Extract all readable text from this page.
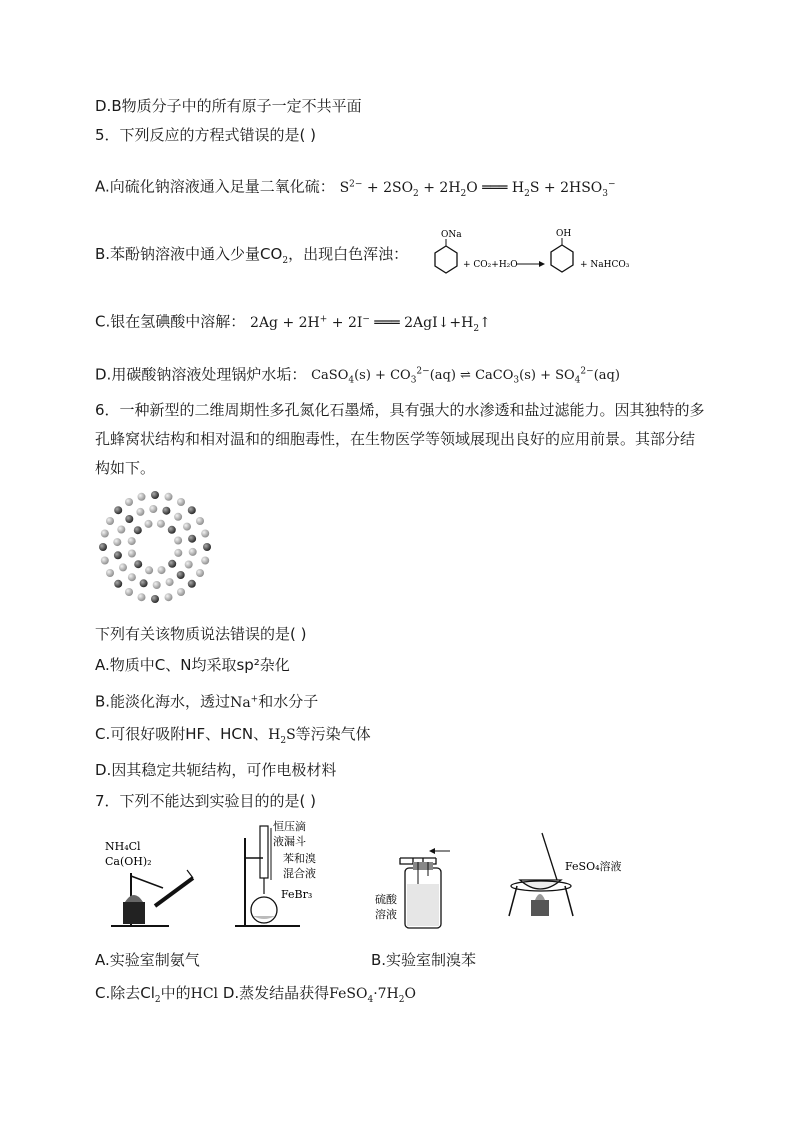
D.B物质分子中的所有原子一定不共平面
5．下列反应的方程式错误的是( )
A.向硫化钠溶液通入足量二氧化硫： $S^{2-} + 2SO_2 + 2H_2O$ ═══ $H_2S + 2HSO_3^-$
B.苯酚钠溶液中通入少量$CO_2$，出现白色浑浊：
ONa
+ CO₂+H₂O
OH
+ NaHCO₃
C.银在氢碘酸中溶解： 2Ag + 2H+ + 2I− ═══ $2AgI↓+H_2↑$
D.用碳酸钠溶液处理锅炉水垢： CaSO$_4$(s) + $CO_3^{2-}(aq)$ ⇌ CaCO$_3$(s) + $SO_4^{2-}(aq)$
6．一种新型的二维周期性多孔氮化石墨烯，具有强大的水渗透和盐过滤能力。因其独特的多孔蜂窝状结构和相对温和的细胞毒性，在生物医学等领域展现出良好的应用前景。其部分结构如下。
下列有关该物质说法错误的是( )
A.物质中C、N均采取sp²杂化
B.能淡化海水，透过Na+和水分子
C.可很好吸附HF、HCN、$H_2S$等污染气体
D.因其稳定共轭结构，可作电极材料
7．下列不能达到实验目的的是( )
NH₄Cl
Ca(OH)₂
恒压滴
液漏斗
苯和溴
混合液
FeBr₃	硫酸
溶液
FeSO₄溶液
A.实验室制氨气	B.实验室制溴苯
C.除去$Cl_2$中的HCl D.蒸发结晶获得$FeSO_4\cdot 7H_2O$
